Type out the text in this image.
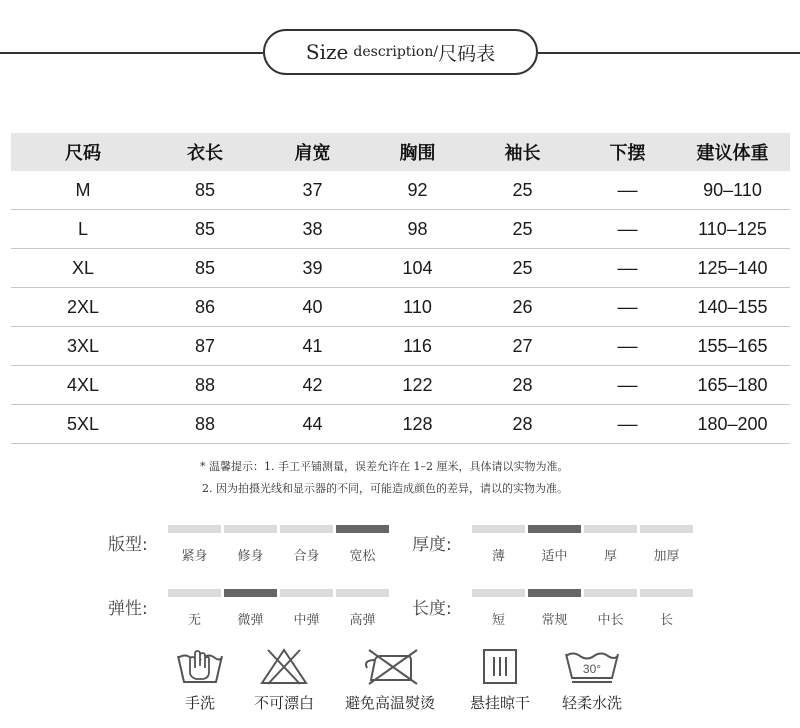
Size description/ 尺码表
尺码	衣长	肩宽	胸围	袖长	下摆	建议体重
M	85	37	92	25	––	90–110
L	85	38	98	25	––	110–125
XL	85	39	104	25	––	125–140
2XL	86	40	110	26	––	140–155
3XL	87	41	116	27	––	155–165
4XL	88	42	122	28	––	165–180
5XL	88	44	128	28	––	180–200
* 温馨提示：1. 手工平铺测量，误差允许在 1–2 厘米，具体请以实物为准。
2. 因为拍摄光线和显示器的不同，可能造成颜色的差异，请以的实物为准。
版型:
紧身 修身 合身 宽松
厚度:
薄	适中	厚	加厚
弹性:
无	微弹 中弹 高弹
长度:
短	常规 中长	长
手洗	不可漂白 避免高温熨烫 悬挂晾干
30°
轻柔水洗
